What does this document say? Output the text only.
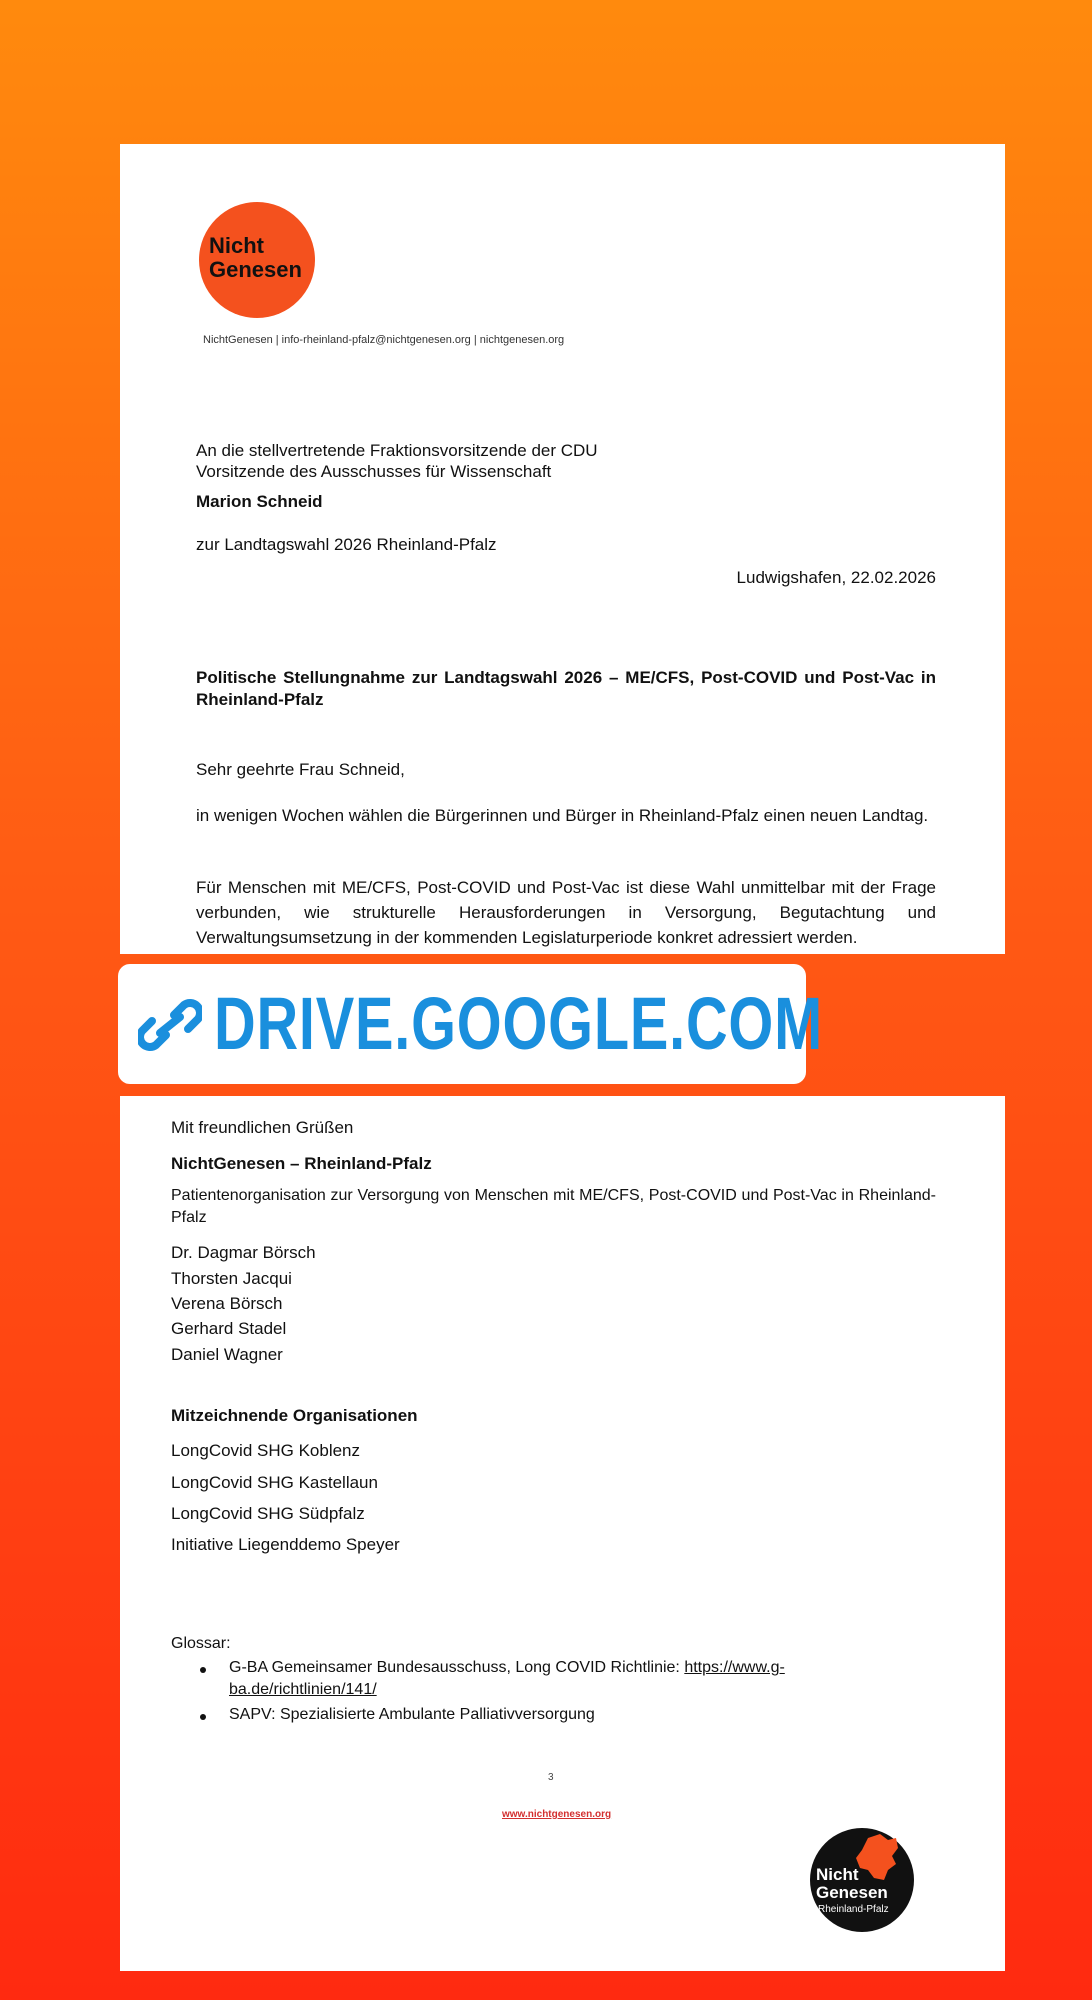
Nicht
Genesen
NichtGenesen | info-rheinland-pfalz@nichtgenesen.org | nichtgenesen.org
An die stellvertretende Fraktionsvorsitzende der CDU
Vorsitzende des Ausschusses für Wissenschaft
Marion Schneid
zur Landtagswahl 2026 Rheinland-Pfalz
Ludwigshafen, 22.02.2026
Politische Stellungnahme zur Landtagswahl 2026 – ME/CFS, Post-COVID und Post-Vac in Rheinland-Pfalz
Sehr geehrte Frau Schneid,
in wenigen Wochen wählen die Bürgerinnen und Bürger in Rheinland-Pfalz einen neuen Landtag.
Für Menschen mit ME/CFS, Post-COVID und Post-Vac ist diese Wahl unmittelbar mit der Frage verbunden, wie strukturelle Herausforderungen in Versorgung, Begutachtung und Verwaltungsumsetzung in der kommenden Legislaturperiode konkret adressiert werden.
DRIVE.GOOGLE.COM
Mit freundlichen Grüßen
NichtGenesen – Rheinland-Pfalz
Patientenorganisation zur Versorgung von Menschen mit ME/CFS, Post-COVID und Post-Vac in Rheinland-Pfalz
Dr. Dagmar Börsch
Thorsten Jacqui
Verena Börsch
Gerhard Stadel
Daniel Wagner
Mitzeichnende Organisationen
LongCovid SHG Koblenz
LongCovid SHG Kastellaun
LongCovid SHG Südpfalz
Initiative Liegenddemo Speyer
Glossar:
G-BA Gemeinsamer Bundesausschuss, Long COVID Richtlinie: https://www.g-
ba.de/richtlinien/141/
SAPV: Spezialisierte Ambulante Palliativversorgung
3
www.nichtgenesen.org
Nicht
Genesen
Rheinland-Pfalz
